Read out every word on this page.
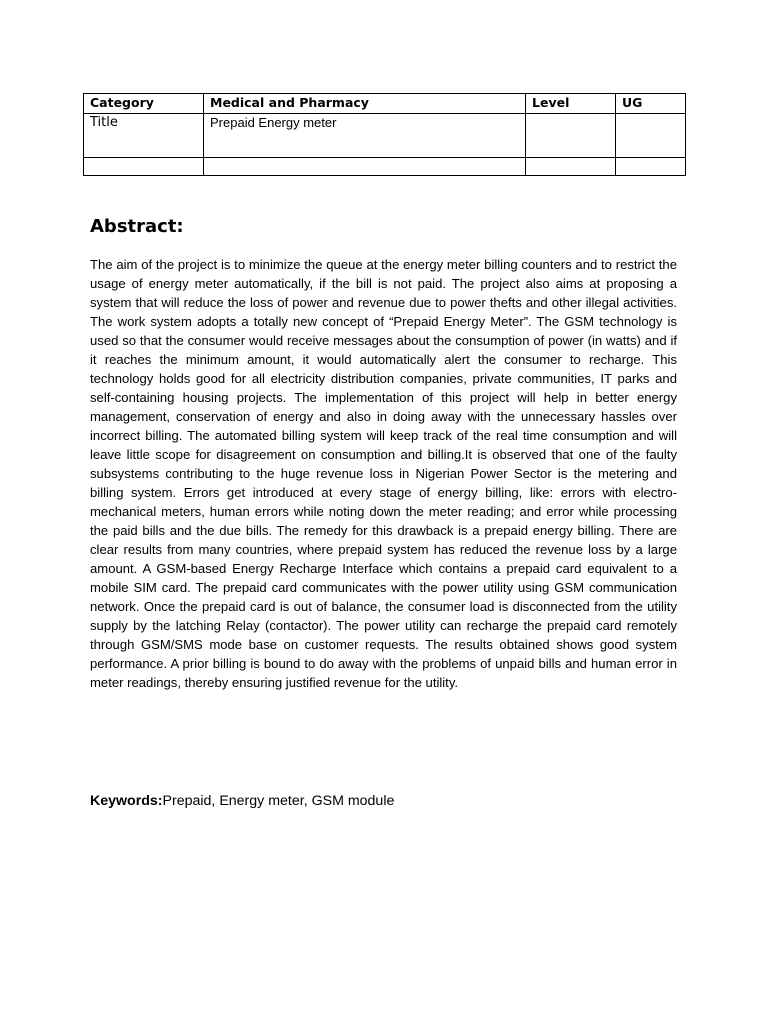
Category	Medical and Pharmacy	Level	UG
Title	Prepaid Energy meter		

Abstract:

The aim of the project is to minimize the queue at the energy meter billing counters and to restrict the usage of energy meter automatically, if the bill is not paid. The project also aims at proposing a system that will reduce the loss of power and revenue due to power thefts and other illegal activities. The work system adopts a totally new concept of “Prepaid Energy Meter”. The GSM technology is used so that the consumer would receive messages about the consumption of power (in watts) and if it reaches the minimum amount, it would automatically alert the consumer to recharge. This technology holds good for all electricity distribution companies, private communities, IT parks and self-containing housing projects. The implementation of this project will help in better energy management, conservation of energy and also in doing away with the unnecessary hassles over incorrect billing. The automated billing system will keep track of the real time consumption and will leave little scope for disagreement on consumption and billing.It is observed that one of the faulty subsystems contributing to the huge revenue loss in Nigerian Power Sector is the metering and billing system. Errors get introduced at every stage of energy billing, like: errors with electro-mechanical meters, human errors while noting down the meter reading; and error while processing the paid bills and the due bills. The remedy for this drawback is a prepaid energy billing. There are clear results from many countries, where prepaid system has reduced the revenue loss by a large amount. A GSM-based Energy Recharge Interface which contains a prepaid card equivalent to a mobile SIM card. The prepaid card communicates with the power utility using GSM communication network. Once the prepaid card is out of balance, the consumer load is disconnected from the utility supply by the latching Relay (contactor). The power utility can recharge the prepaid card remotely through GSM/SMS mode base on customer requests. The results obtained shows good system performance. A prior billing is bound to do away with the problems of unpaid bills and human error in meter readings, thereby ensuring justified revenue for the utility.

Keywords:Prepaid, Energy meter, GSM module
